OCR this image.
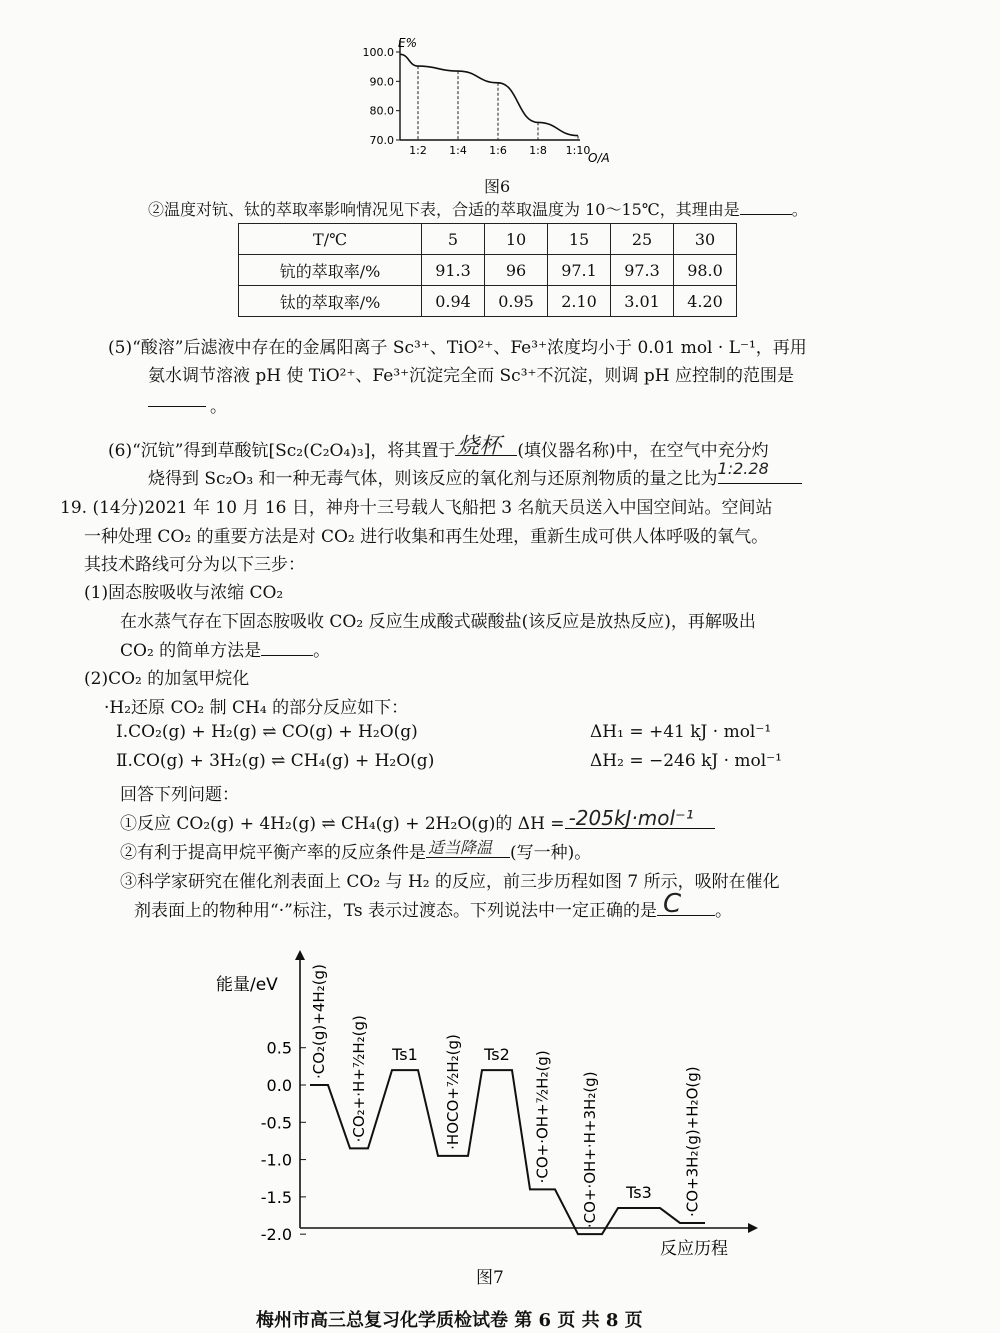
100.0
90.0
80.0
70.0
1:2 1:4 1:6 1:8 1:10
E%
O/A
图6
②温度对钪、钛的萃取率影响情况见下表，合适的萃取温度为 10～15℃，其理由是	。
T/℃	5	10	15	25	30
钪的萃取率/%	91.3	96	97.1	97.3	98.0
钛的萃取率/%	0.94	0.95	2.10	3.01	4.20
(5)“酸溶”后滤液中存在的金属阳离子 Sc³⁺、TiO²⁺、Fe³⁺浓度均小于 0.01 mol · L⁻¹，再用
氨水调节溶液 pH 使 TiO²⁺、Fe³⁺沉淀完全而 Sc³⁺不沉淀，则调 pH 应控制的范围是
。
(6)“沉钪”得到草酸钪[Sc₂(C₂O₄)₃]，将其置于 烧杯 (填仪器名称)中，在空气中充分灼
烧得到 Sc₂O₃ 和一种无毒气体，则该反应的氧化剂与还原剂物质的量之比为
1:2.28
19. (14分)2021 年 10 月 16 日，神舟十三号载人飞船把 3 名航天员送入中国空间站。空间站
一种处理 CO₂ 的重要方法是对 CO₂ 进行收集和再生处理，重新生成可供人体呼吸的氧气。
其技术路线可分为以下三步：
(1)固态胺吸收与浓缩 CO₂
在水蒸气存在下固态胺吸收 CO₂ 反应生成酸式碳酸盐(该反应是放热反应)，再解吸出
CO₂ 的简单方法是	。
(2)CO₂ 的加氢甲烷化
·H₂还原 CO₂ 制 CH₄ 的部分反应如下：
Ⅰ.CO₂(g) + H₂(g) ⇌ CO(g) + H₂O(g)	ΔH₁ = +41 kJ · mol⁻¹
Ⅱ.CO(g) + 3H₂(g) ⇌ CH₄(g) + H₂O(g)	ΔH₂ = −246 kJ · mol⁻¹
回答下列问题：
①反应 CO₂(g) + 4H₂(g) ⇌ CH₄(g) + 2H₂O(g)的 ΔH = -205kJ·mol⁻¹
②有利于提高甲烷平衡产率的反应条件是 适当降温 (写一种)。
③科学家研究在催化剂表面上 CO₂ 与 H₂ 的反应，前三步历程如图 7 所示，吸附在催化
剂表面上的物种用“·”标注，Ts 表示过渡态。下列说法中一定正确的是 C 。
0.5
0.0
-0.5
-1.0
-1.5
-2.0
·CO₂(g)+4H₂(g) ·CO₂+·H+⁷⁄₂H₂(g) Ts1 ·HOCO+⁷⁄₂H₂(g) Ts2 ·CO+·OH+⁷⁄₂H₂(g) ·CO+·OH+·H+3H₂(g) Ts3 ·CO+3H₂(g)+H₂O(g)
能量/eV
反应历程
图7
梅州市高三总复习化学质检试卷 第 6 页 共 8 页
